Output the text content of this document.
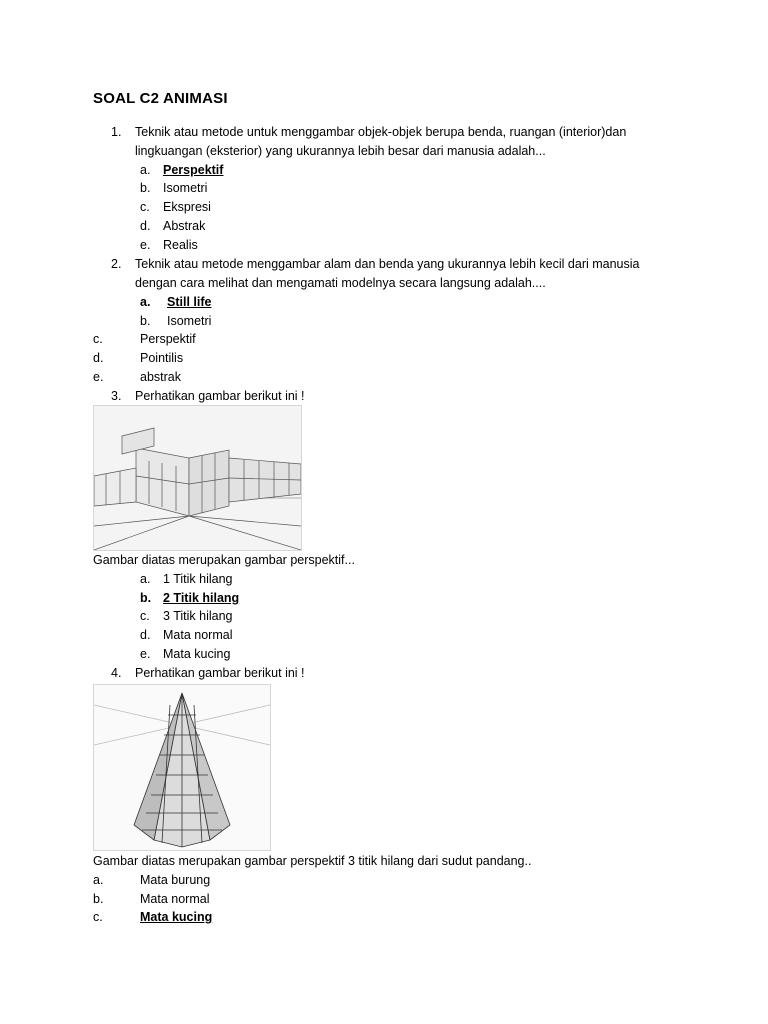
SOAL C2 ANIMASI
1. Teknik atau metode untuk menggambar objek-objek berupa benda, ruangan (interior)dan
lingkuangan (eksterior) yang ukurannya lebih besar dari manusia adalah...
a. Perspektif
b. Isometri
c. Ekspresi
d. Abstrak
e. Realis
2. Teknik atau metode menggambar alam dan benda yang ukurannya lebih kecil dari manusia
dengan cara melihat dan mengamati modelnya secara langsung adalah....
a. Still life
b. Isometri
c.	Perspektif
d.	Pointilis
e.	abstrak
3. Perhatikan gambar berikut ini !
Gambar diatas merupakan gambar perspektif...
a. 1 Titik hilang
b. 2 Titik hilang
c. 3 Titik hilang
d. Mata normal
e. Mata kucing
4. Perhatikan gambar berikut ini !
Gambar diatas merupakan gambar perspektif 3 titik hilang dari sudut pandang..
a.	Mata burung
b.	Mata normal
c.	Mata kucing
